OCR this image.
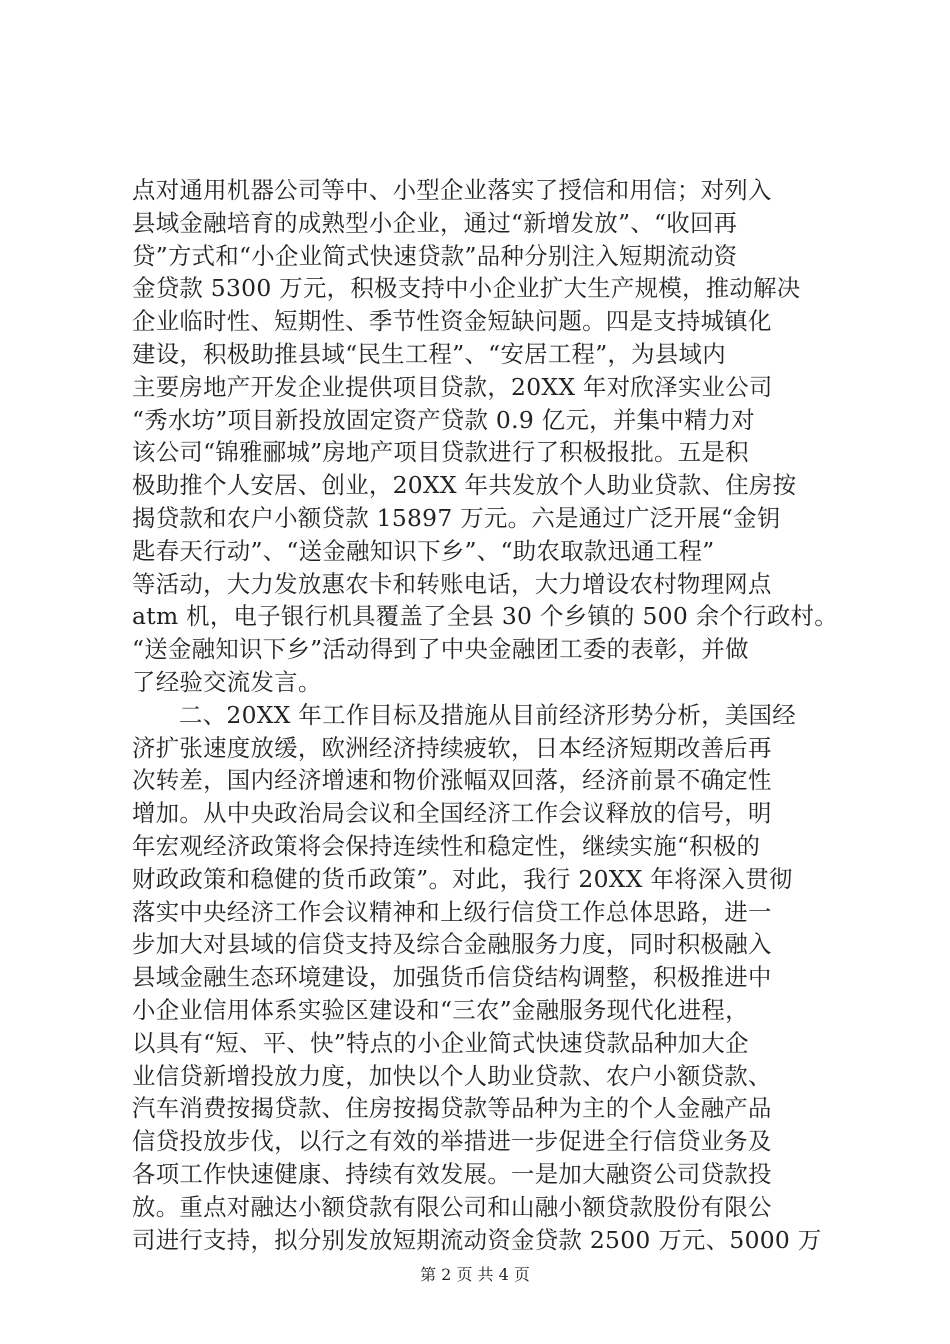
点对通用机器公司等中、小型企业落实了授信和用信；对列入
县域金融培育的成熟型小企业，通过“新增发放”、“收回再
贷”方式和“小企业简式快速贷款”品种分别注入短期流动资
金贷款 5300 万元，积极支持中小企业扩大生产规模，推动解决
企业临时性、短期性、季节性资金短缺问题。四是支持城镇化
建设，积极助推县域“民生工程”、“安居工程”，为县域内
主要房地产开发企业提供项目贷款，20XX 年对欣泽实业公司
“秀水坊”项目新投放固定资产贷款 0.9 亿元，并集中精力对
该公司“锦雅郦城”房地产项目贷款进行了积极报批。五是积
极助推个人安居、创业，20XX 年共发放个人助业贷款、住房按
揭贷款和农户小额贷款 15897 万元。六是通过广泛开展“金钥
匙春天行动”、“送金融知识下乡”、“助农取款迅通工程”
等活动，大力发放惠农卡和转账电话，大力增设农村物理网点
atm 机，电子银行机具覆盖了全县 30 个乡镇的 500 余个行政村。
“送金融知识下乡”活动得到了中央金融团工委的表彰，并做
了经验交流发言。
二、20XX 年工作目标及措施从目前经济形势分析，美国经
济扩张速度放缓，欧洲经济持续疲软，日本经济短期改善后再
次转差，国内经济增速和物价涨幅双回落，经济前景不确定性
增加。从中央政治局会议和全国经济工作会议释放的信号，明
年宏观经济政策将会保持连续性和稳定性，继续实施“积极的
财政政策和稳健的货币政策”。对此，我行 20XX 年将深入贯彻
落实中央经济工作会议精神和上级行信贷工作总体思路，进一
步加大对县域的信贷支持及综合金融服务力度，同时积极融入
县域金融生态环境建设，加强货币信贷结构调整，积极推进中
小企业信用体系实验区建设和“三农”金融服务现代化进程，
以具有“短、平、快”特点的小企业简式快速贷款品种加大企
业信贷新增投放力度，加快以个人助业贷款、农户小额贷款、
汽车消费按揭贷款、住房按揭贷款等品种为主的个人金融产品
信贷投放步伐，以行之有效的举措进一步促进全行信贷业务及
各项工作快速健康、持续有效发展。一是加大融资公司贷款投
放。重点对融达小额贷款有限公司和山融小额贷款股份有限公
司进行支持，拟分别发放短期流动资金贷款 2500 万元、5000 万
第 2 页 共 4 页
